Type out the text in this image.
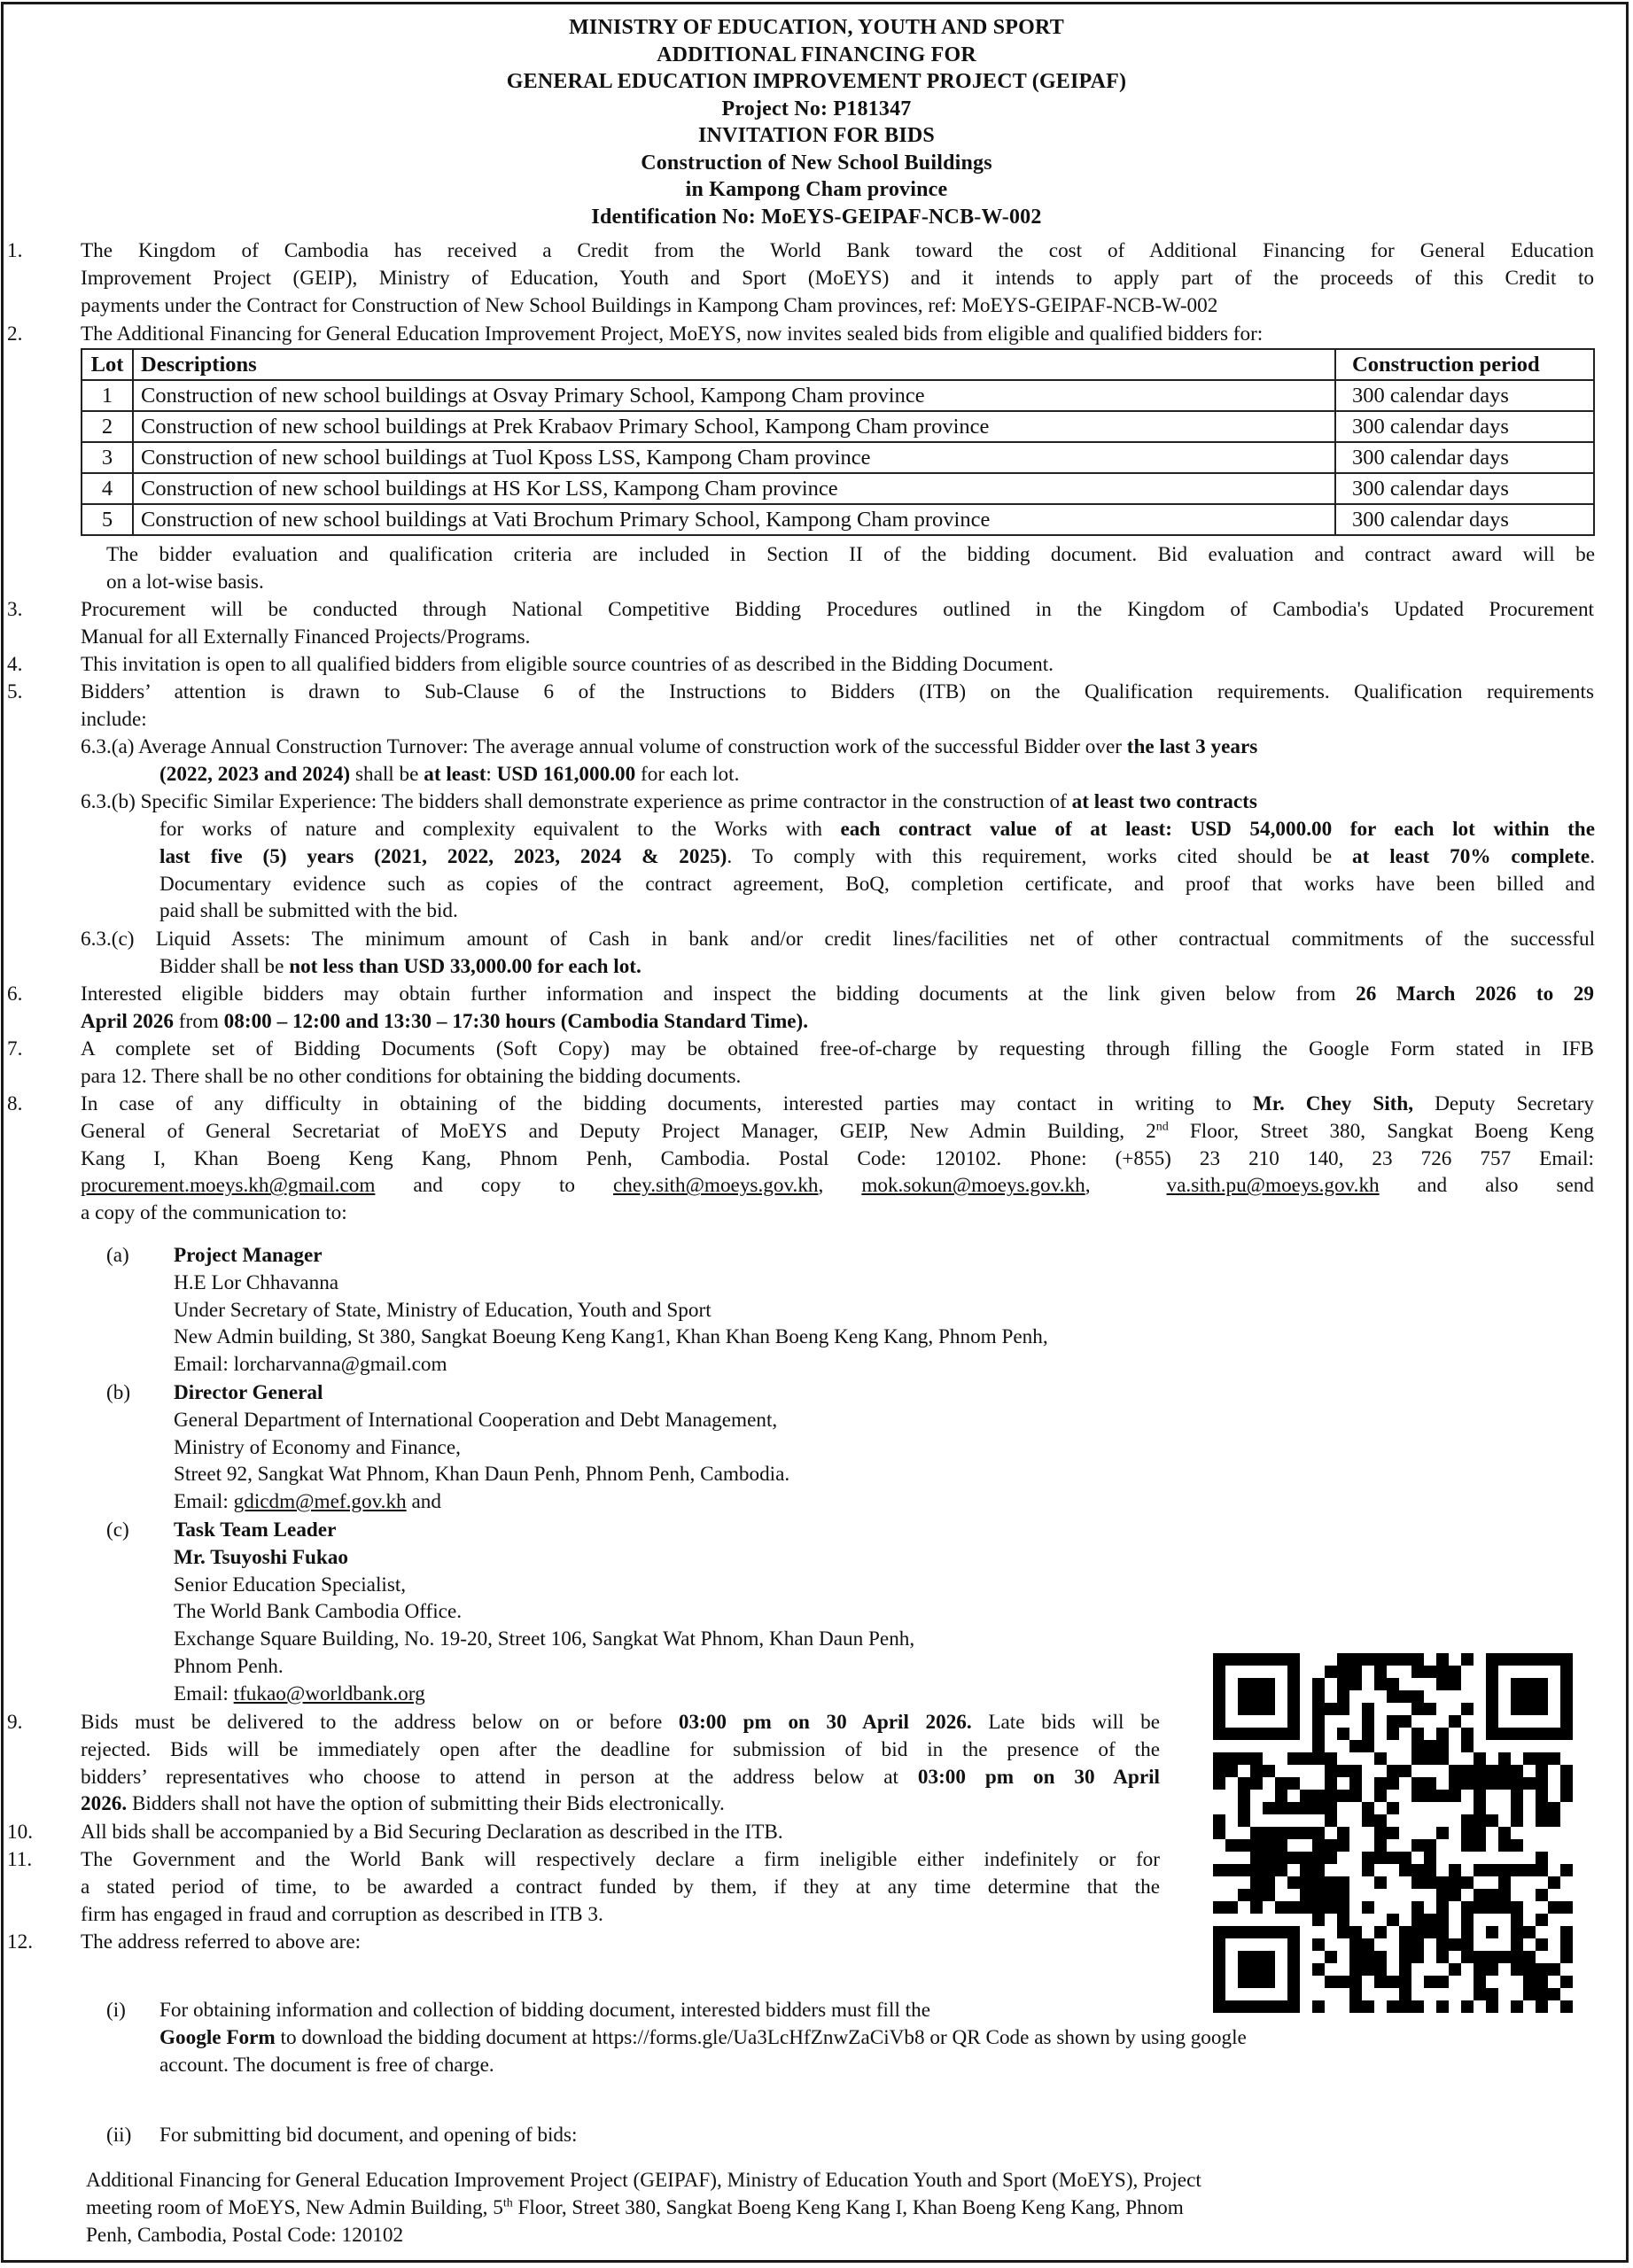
MINISTRY OF EDUCATION, YOUTH AND SPORT
ADDITIONAL FINANCING FOR
GENERAL EDUCATION IMPROVEMENT PROJECT (GEIPAF)
Project No: P181347
INVITATION FOR BIDS
Construction of New School Buildings
in Kampong Cham province
Identification No: MoEYS-GEIPAF-NCB-W-002
1.	The Kingdom of Cambodia has received a Credit from the World Bank toward the cost of Additional Financing for General Education
Improvement Project (GEIP), Ministry of Education, Youth and Sport (MoEYS) and it intends to apply part of the proceeds of this Credit to
payments under the Contract for Construction of New School Buildings in Kampong Cham provinces, ref: MoEYS-GEIPAF-NCB-W-002
2.	The Additional Financing for General Education Improvement Project, MoEYS, now invites sealed bids from eligible and qualified bidders for:
Lot	Descriptions	Construction period
1	Construction of new school buildings at Osvay Primary School, Kampong Cham province	300 calendar days
2	Construction of new school buildings at Prek Krabaov Primary School, Kampong Cham province	300 calendar days
3	Construction of new school buildings at Tuol Kposs LSS, Kampong Cham province	300 calendar days
4	Construction of new school buildings at HS Kor LSS, Kampong Cham province	300 calendar days
5	Construction of new school buildings at Vati Brochum Primary School, Kampong Cham province	300 calendar days
The bidder evaluation and qualification criteria are included in Section II of the bidding document. Bid evaluation and contract award will be
on a lot-wise basis.
3.	Procurement will be conducted through National Competitive Bidding Procedures outlined in the Kingdom of Cambodia's Updated Procurement
Manual for all Externally Financed Projects/Programs.
4.	This invitation is open to all qualified bidders from eligible source countries of as described in the Bidding Document.
5.	Bidders’ attention is drawn to Sub-Clause 6 of the Instructions to Bidders (ITB) on the Qualification requirements. Qualification requirements
include:
6.3.(a) Average Annual Construction Turnover: The average annual volume of construction work of the successful Bidder over the last 3 years
(2022, 2023 and 2024) shall be at least: USD 161,000.00 for each lot.
6.3.(b) Specific Similar Experience: The bidders shall demonstrate experience as prime contractor in the construction of at least two contracts
for works of nature and complexity equivalent to the Works with each contract value of at least: USD 54,000.00 for each lot within the
last five (5) years (2021, 2022, 2023, 2024 & 2025). To comply with this requirement, works cited should be at least 70% complete.
Documentary evidence such as copies of the contract agreement, BoQ, completion certificate, and proof that works have been billed and
paid shall be submitted with the bid.
6.3.(c) Liquid Assets: The minimum amount of Cash in bank and/or credit lines/facilities net of other contractual commitments of the successful
Bidder shall be not less than USD 33,000.00 for each lot.
6.	Interested eligible bidders may obtain further information and inspect the bidding documents at the link given below from 26 March 2026 to 29
April 2026 from 08:00 – 12:00 and 13:30 – 17:30 hours (Cambodia Standard Time).
7.	A complete set of Bidding Documents (Soft Copy) may be obtained free-of-charge by requesting through filling the Google Form stated in IFB
para 12. There shall be no other conditions for obtaining the bidding documents.
8.	In case of any difficulty in obtaining of the bidding documents, interested parties may contact in writing to Mr. Chey Sith, Deputy Secretary
General of General Secretariat of MoEYS and Deputy Project Manager, GEIP, New Admin Building, 2nd Floor, Street 380, Sangkat Boeng Keng
Kang I, Khan Boeng Keng Kang, Phnom Penh, Cambodia. Postal Code: 120102. Phone: (+855) 23 210 140, 23 726 757 Email:
procurement.moeys.kh@gmail.com and copy to chey.sith@moeys.gov.kh, mok.sokun@moeys.gov.kh,  va.sith.pu@moeys.gov.kh and also send
a copy of the communication to:
(a) Project Manager
H.E Lor Chhavanna
Under Secretary of State, Ministry of Education, Youth and Sport
New Admin building, St 380, Sangkat Boeung Keng Kang1, Khan Khan Boeng Keng Kang, Phnom Penh,
Email: lorcharvanna@gmail.com
(b) Director General
General Department of International Cooperation and Debt Management,
Ministry of Economy and Finance,
Street 92, Sangkat Wat Phnom, Khan Daun Penh, Phnom Penh, Cambodia.
Email: gdicdm@mef.gov.kh and
(c) Task Team Leader
Mr. Tsuyoshi Fukao
Senior Education Specialist,
The World Bank Cambodia Office.
Exchange Square Building, No. 19-20, Street 106, Sangkat Wat Phnom, Khan Daun Penh,
Phnom Penh.
Email: tfukao@worldbank.org
9.	Bids must be delivered to the address below on or before 03:00 pm on 30 April 2026. Late bids will be
rejected. Bids will be immediately open after the deadline for submission of bid in the presence of the
bidders’ representatives who choose to attend in person at the address below at 03:00 pm on 30 April
2026. Bidders shall not have the option of submitting their Bids electronically.
10. All bids shall be accompanied by a Bid Securing Declaration as described in the ITB.
11. The Government and the World Bank will respectively declare a firm ineligible either indefinitely or for
a stated period of time, to be awarded a contract funded by them, if they at any time determine that the
firm has engaged in fraud and corruption as described in ITB 3.
12. The address referred to above are:
(i) For obtaining information and collection of bidding document, interested bidders must fill the
Google Form to download the bidding document at https://forms.gle/Ua3LcHfZnwZaCiVb8 or QR Code as shown by using google
account. The document is free of charge.
(ii) For submitting bid document, and opening of bids:
Additional Financing for General Education Improvement Project (GEIPAF), Ministry of Education Youth and Sport (MoEYS), Project
meeting room of MoEYS, New Admin Building, 5th Floor, Street 380, Sangkat Boeng Keng Kang I, Khan Boeng Keng Kang, Phnom
Penh, Cambodia, Postal Code: 120102
